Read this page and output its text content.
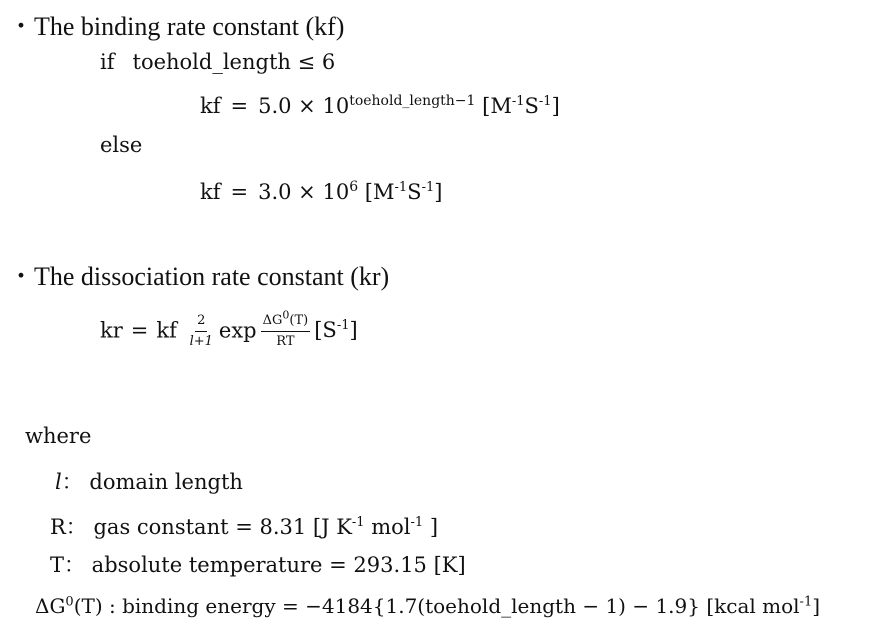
・The binding rate constant (kf)
if toehold_length ≤ 6
kf = $5.0 \times 10^{toehold\_length-1}$ $[M^{-1}S^{-1}]$
else
kf = $3.0 \times 10^6$ $[M^{-1}S^{-1}]$
・The dissociation rate constant (kr)
kr = kf $\frac{2}{l+1}$ $\exp \frac{\Delta G^0(T)}{RT} [S^{-1}]$
where
l： domain length
R： gas constant = 8.31 [J $K^{-1}$ mol$^{-1}$ ]
T： absolute temperature = 293.15 [K]
$\Delta G^0(T)$ : binding energy = −4184{1.7(toehold_length − 1) − 1.9} [kcal mol$^{-1}$]
